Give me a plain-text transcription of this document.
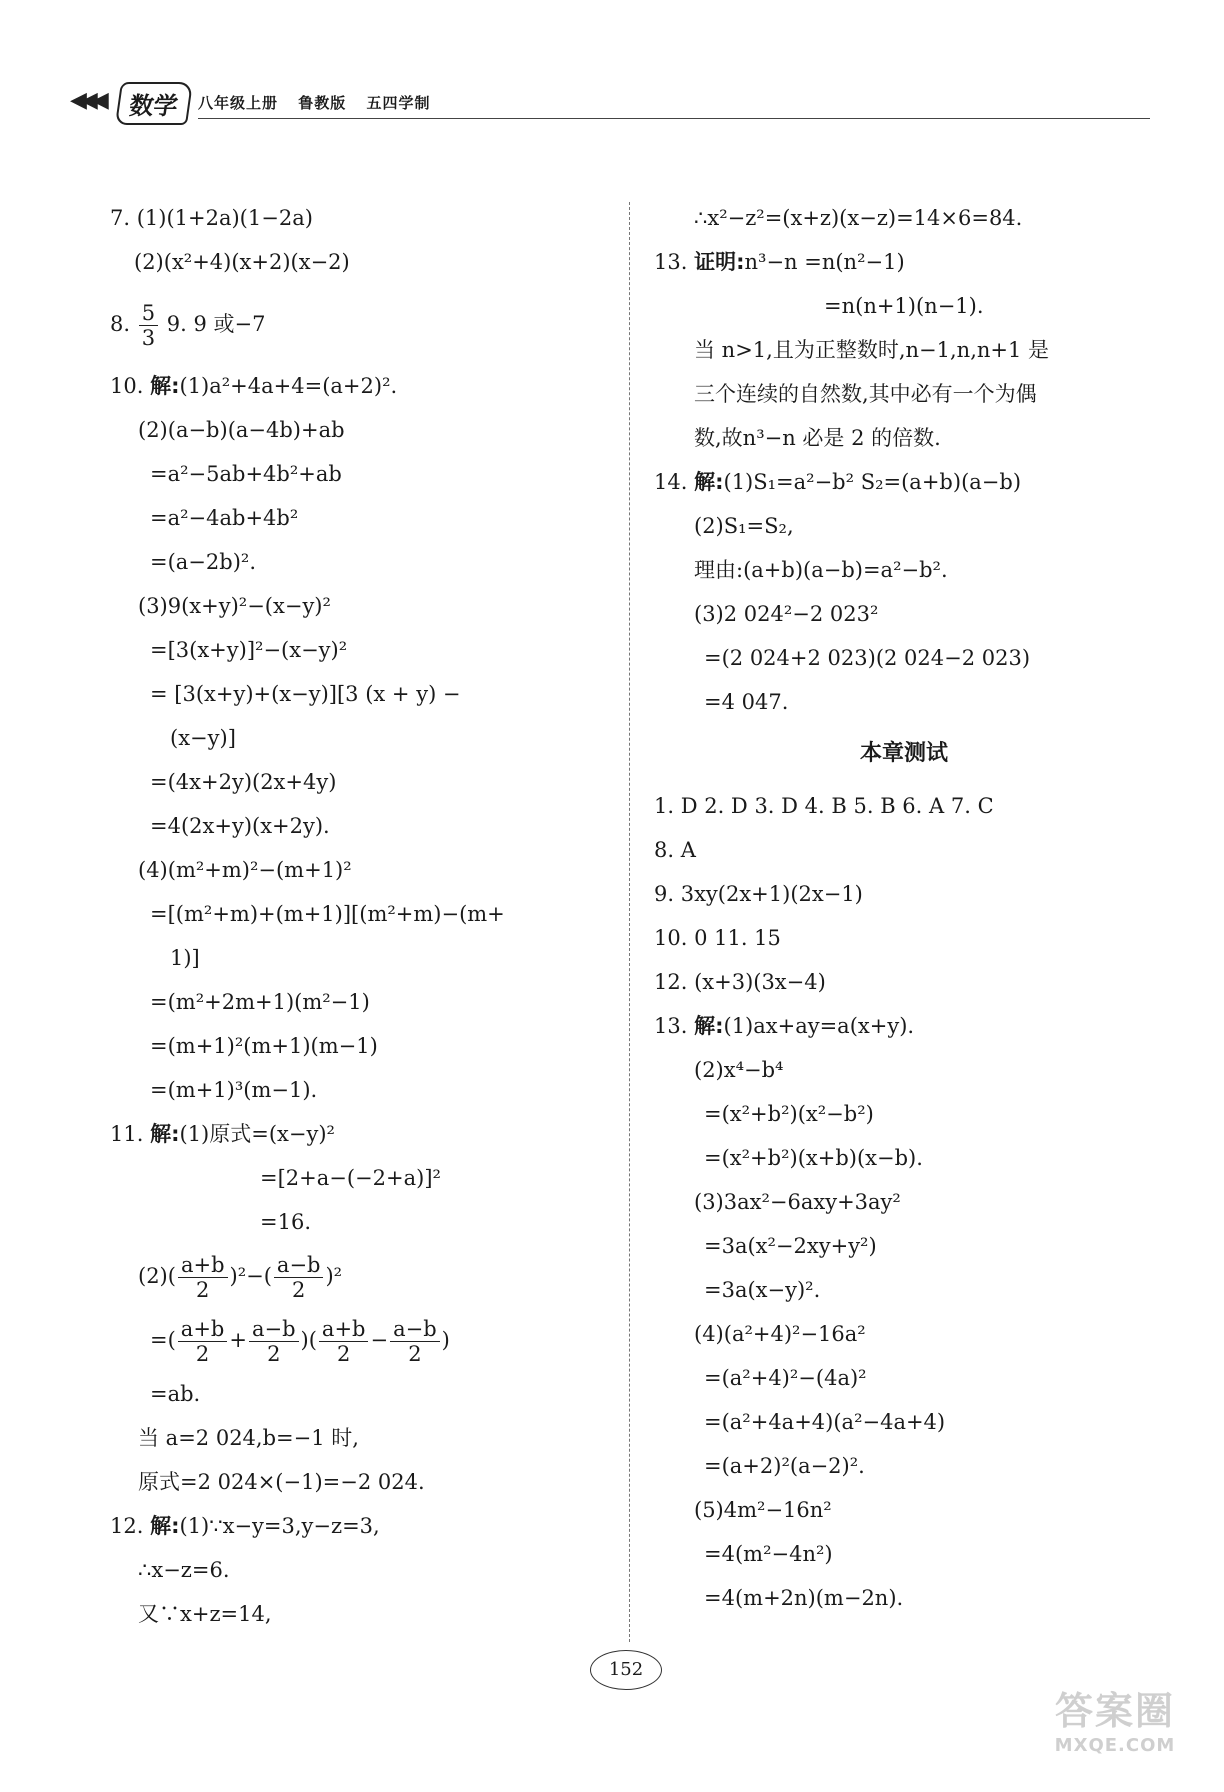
◀◀◀	数学	八年级上册 鲁教版 五四学制
7. (1)(1+2a)(1−2a)
(2)(x²+4)(x+2)(x−2)
8. $\frac{5}{3} 9$. 9 或−7
10. 解:(1)a²+4a+4=(a+2)².
(2)(a−b)(a−4b)+ab
=a²−5ab+4b²+ab
=a²−4ab+4b²
=(a−2b)².
(3)9(x+y)²−(x−y)²
=[3(x+y)]²−(x−y)²
= [3(x+y)+(x−y)][3 (x + y) −
(x−y)]
=(4x+2y)(2x+4y)
=4(2x+y)(x+2y).
(4)(m²+m)²−(m+1)²
=[(m²+m)+(m+1)][(m²+m)−(m+
1)]
=(m²+2m+1)(m²−1)
=(m+1)²(m+1)(m−1)
=(m+1)³(m−1).
11. 解:(1)原式=(x−y)²
=[2+a−(−2+a)]²
=16.
$(2)( \frac{a+b}{2} )^2-( \frac{a-b}{2} )^2$
=( $\frac{a+b}{2} + \frac{a-b}{2}$ )( $\frac{a+b}{2} - \frac{a-b}{2}$ )
=ab.
当 a=2 024,b=−1 时,
原式=2 024×(−1)=−2 024.
12. 解:(1)∵x−y=3,y−z=3,
∴x−z=6.
又∵x+z=14,
∴x²−z²=(x+z)(x−z)=14×6=84.
13. 证明:n³−n =n(n²−1)
=n(n+1)(n−1).
当 n>1,且为正整数时,n−1,n,n+1 是
三个连续的自然数,其中必有一个为偶
数,故n³−n 必是 2 的倍数.
14. 解:(1)S₁=a²−b² S₂=(a+b)(a−b)
(2)S₁=S₂,
理由:(a+b)(a−b)=a²−b².
(3)2 024²−2 023²
=(2 024+2 023)(2 024−2 023)
=4 047.
本章测试
1. D 2. D 3. D 4. B 5. B 6. A 7. C
8. A
9. 3xy(2x+1)(2x−1)
10. 0 11. 15
12. (x+3)(3x−4)
13. 解:(1)ax+ay=a(x+y).
(2)x⁴−b⁴
=(x²+b²)(x²−b²)
=(x²+b²)(x+b)(x−b).
(3)3ax²−6axy+3ay²
=3a(x²−2xy+y²)
=3a(x−y)².
(4)(a²+4)²−16a²
=(a²+4)²−(4a)²
=(a²+4a+4)(a²−4a+4)
=(a+2)²(a−2)².
(5)4m²−16n²
=4(m²−4n²)
=4(m+2n)(m−2n).
152
答案圈
MXQE.COM
